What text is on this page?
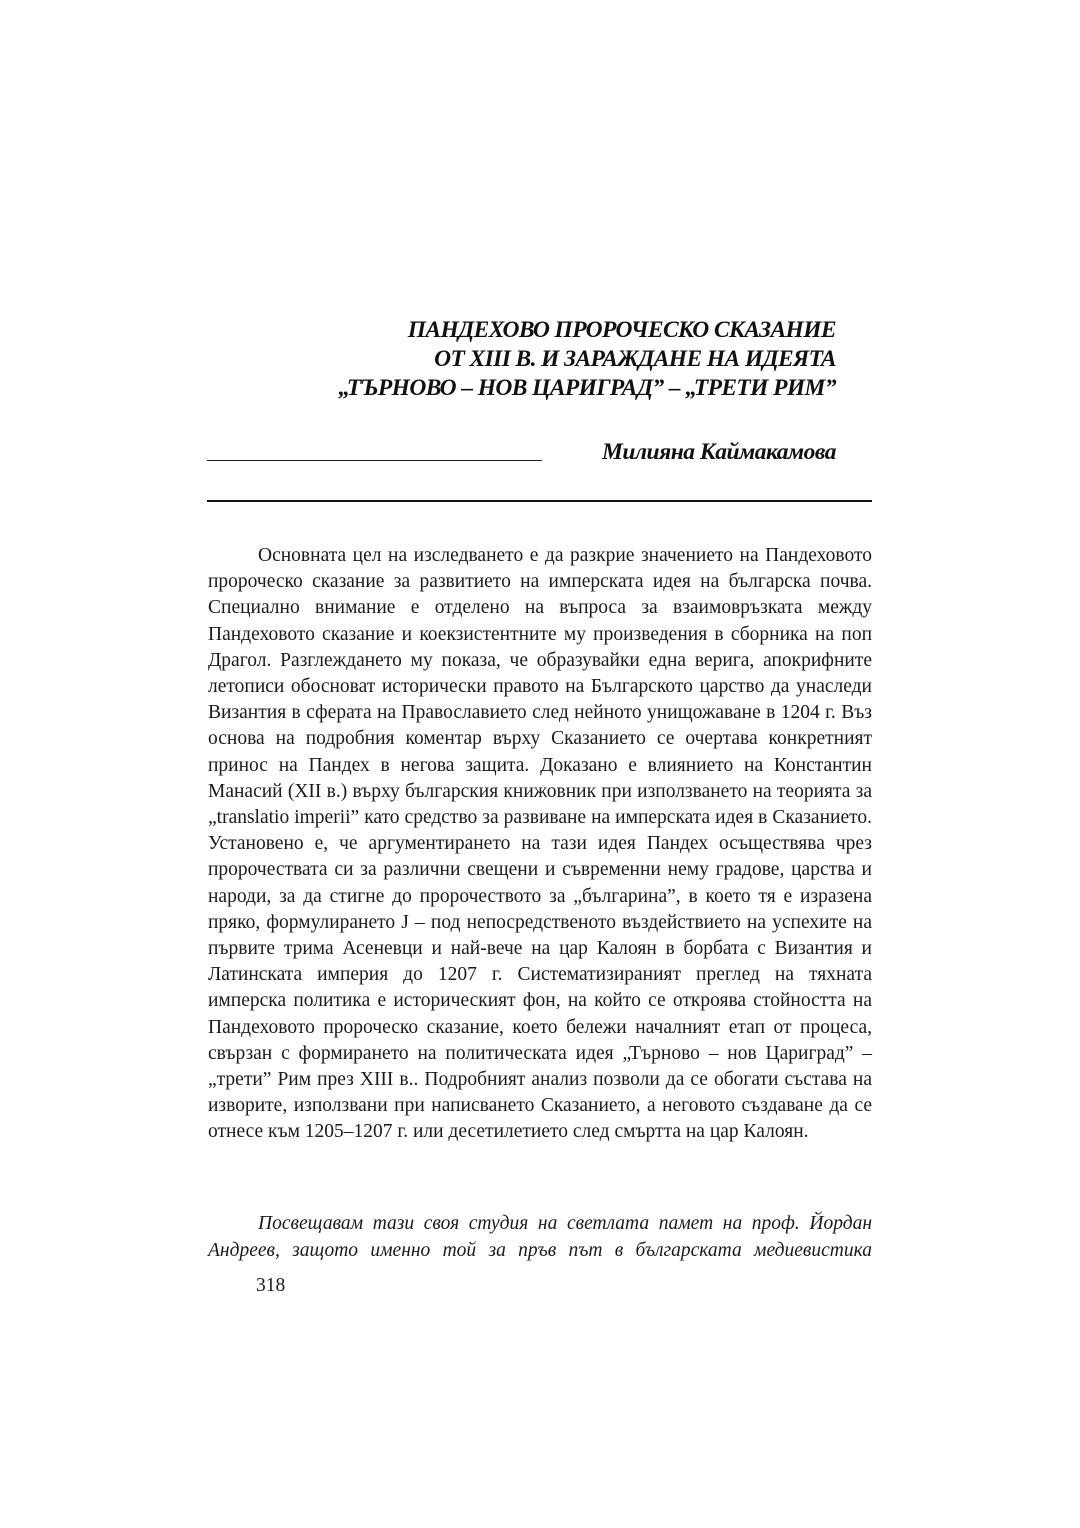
ПАНДЕХОВО ПРОРОЧЕСКО СКАЗАНИЕ
ОТ XIII В. И ЗАРАЖДАНЕ НА ИДЕЯТА
„ТЪРНОВО – НОВ ЦАРИГРАД” – „ТРЕТИ РИМ”
Милияна Каймакамова

Основната цел на изследването е да разкрие значението на Пандеховото пророческо сказание за развитието на имперската идея на българска почва. Специално внимание е отделено на въпроса за взаимовръзката между Пандеховото сказание и коекзистентните му произведения в сборника на поп Драгол. Разглеждането му показа, че образувайки една верига, апокрифните летописи обосноват исторически правото на Българското царство да унаследи Византия в сферата на Православието след нейното унищожаване в 1204 г. Въз основа на подробния коментар върху Сказанието се очертава конкретният принос на Пандех в негова защита. Доказано е влиянието на Константин Манасий (XII в.) върху българския книжовник при използването на теорията за „translatio imperii” като средство за развиване на имперската идея в Сказанието. Установено е, че аргументирането на тази идея Пандех осъществява чрез пророчествата си за различни свещени и съвременни нему градове, царства и народи, за да стигне до пророчеството за „българина”, в което тя е изразена пряко, формулирането J – под непосредственото въздействието на успехите на първите трима Асеневци и най-вече на цар Калоян в борбата с Византия и Латинската империя до 1207 г. Систематизираният преглед на тяхната имперска политика е историческият фон, на който се откроява стойността на Пандеховото пророческо сказание, което бележи началният етап от процеса, свързан с формирането на политическата идея „Търново – нов Цариград” – „трети” Рим през XIII в.. Подробният анализ позволи да се обогати състава на изворите, използвани при написването Сказанието, а неговото създаване да се отнесе към 1205–1207 г. или десетилетието след смъртта на цар Калоян.

Посвещавам тази своя студия на светлата памет на проф. Йордан Андреев, защото именно той за пръв път в българската медиевистика

318
